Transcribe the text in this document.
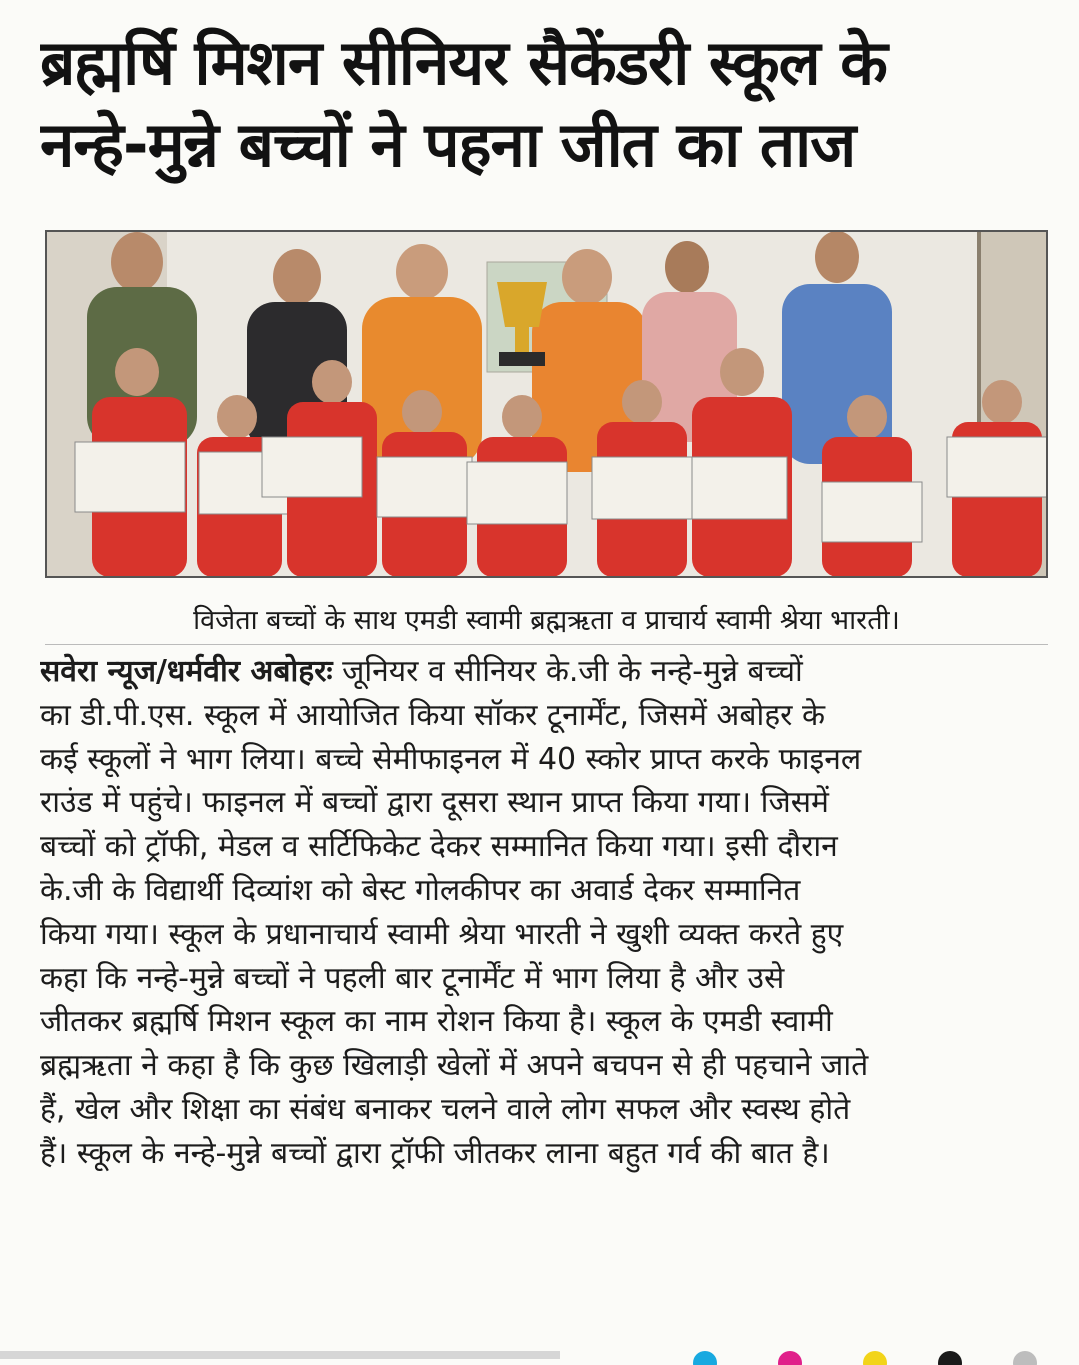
ब्रह्मर्षि मिशन सीनियर सैकेंडरी स्कूल के
नन्हे-मुन्ने बच्चों ने पहना जीत का ताज
विजेता बच्चों के साथ एमडी स्वामी ब्रह्मऋता व प्राचार्य स्वामी श्रेया भारती।
सवेरा न्यूज/धर्मवीर अबोहरः जूनियर व सीनियर के.जी के नन्हे-मुन्ने बच्चों
का डी.पी.एस. स्कूल में आयोजित किया सॉकर टूनार्मेंट, जिसमें अबोहर के
कई स्कूलों ने भाग लिया। बच्चे सेमीफाइनल में 40 स्कोर प्राप्त करके फाइनल
राउंड में पहुंचे। फाइनल में बच्चों द्वारा दूसरा स्थान प्राप्त किया गया। जिसमें
बच्चों को ट्रॉफी, मेडल व सर्टिफिकेट देकर सम्मानित किया गया। इसी दौरान
के.जी के विद्यार्थी दिव्यांश को बेस्ट गोलकीपर का अवार्ड देकर सम्मानित
किया गया। स्कूल के प्रधानाचार्य स्वामी श्रेया भारती ने खुशी व्यक्त करते हुए
कहा कि नन्हे-मुन्ने बच्चों ने पहली बार टूनार्मेंट में भाग लिया है और उसे
जीतकर ब्रह्मर्षि मिशन स्कूल का नाम रोशन किया है। स्कूल के एमडी स्वामी
ब्रह्मऋता ने कहा है कि कुछ खिलाड़ी खेलों में अपने बचपन से ही पहचाने जाते
हैं, खेल और शिक्षा का संबंध बनाकर चलने वाले लोग सफल और स्वस्थ होते
हैं। स्कूल के नन्हे-मुन्ने बच्चों द्वारा ट्रॉफी जीतकर लाना बहुत गर्व की बात है।
